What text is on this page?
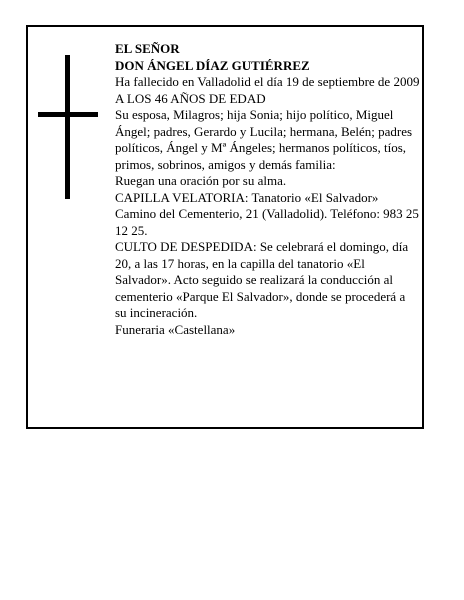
EL SEÑOR

DON ÁNGEL DÍAZ GUTIÉRREZ

Ha fallecido en Valladolid el día 19 de septiembre de 2009

A LOS 46 AÑOS DE EDAD

Su esposa, Milagros; hija Sonia; hijo político, Miguel Ángel; padres, Gerardo y Lucila; hermana, Belén; padres políticos, Ángel y Mª Ángeles; hermanos políticos, tíos, primos, sobrinos, amigos y demás familia:

Ruegan una oración por su alma.

CAPILLA VELATORIA: Tanatorio «El Salvador» Camino del Cementerio, 21 (Valladolid). Teléfono: 983 25 12 25.

CULTO DE DESPEDIDA: Se celebrará el domingo, día 20, a las 17 horas, en la capilla del tanatorio «El Salvador». Acto seguido se realizará la conducción al cementerio «Parque El Salvador», donde se procederá a su incineración.

Funeraria «Castellana»
